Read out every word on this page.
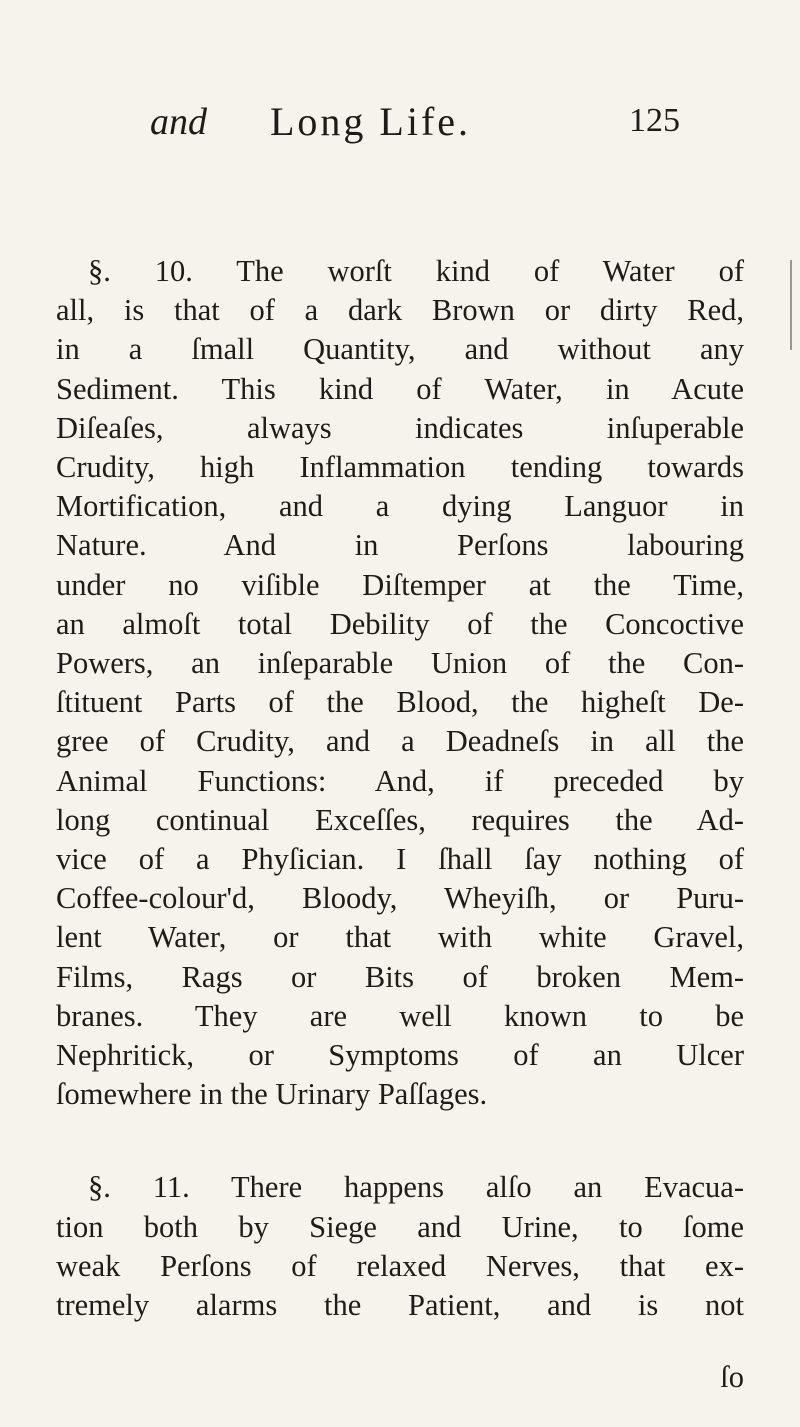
and Long Life.	125
§. 10. The worſt kind of Water of
all, is that of a dark Brown or dirty Red,
in a ſmall Quantity, and without any
Sediment. This kind of Water, in Acute
Diſeaſes, always indicates inſuperable
Crudity, high Inflammation tending towards
Mortification, and a dying Languor in
Nature. And in Perſons labouring
under no viſible Diſtemper at the Time,
an almoſt total Debility of the Concoctive
Powers, an inſeparable Union of the Con-
ſtituent Parts of the Blood, the higheſt De-
gree of Crudity, and a Deadneſs in all the
Animal Functions: And, if preceded by
long continual Exceſſes, requires the Ad-
vice of a Phyſician. I ſhall ſay nothing of
Coffee-colour'd, Bloody, Wheyiſh, or Puru-
lent Water, or that with white Gravel,
Films, Rags or Bits of broken Mem-
branes. They are well known to be
Nephritick, or Symptoms of an Ulcer
ſomewhere in the Urinary Paſſages.
§. 11. There happens alſo an Evacua-
tion both by Siege and Urine, to ſome
weak Perſons of relaxed Nerves, that ex-
tremely alarms the Patient, and is not
ſo
